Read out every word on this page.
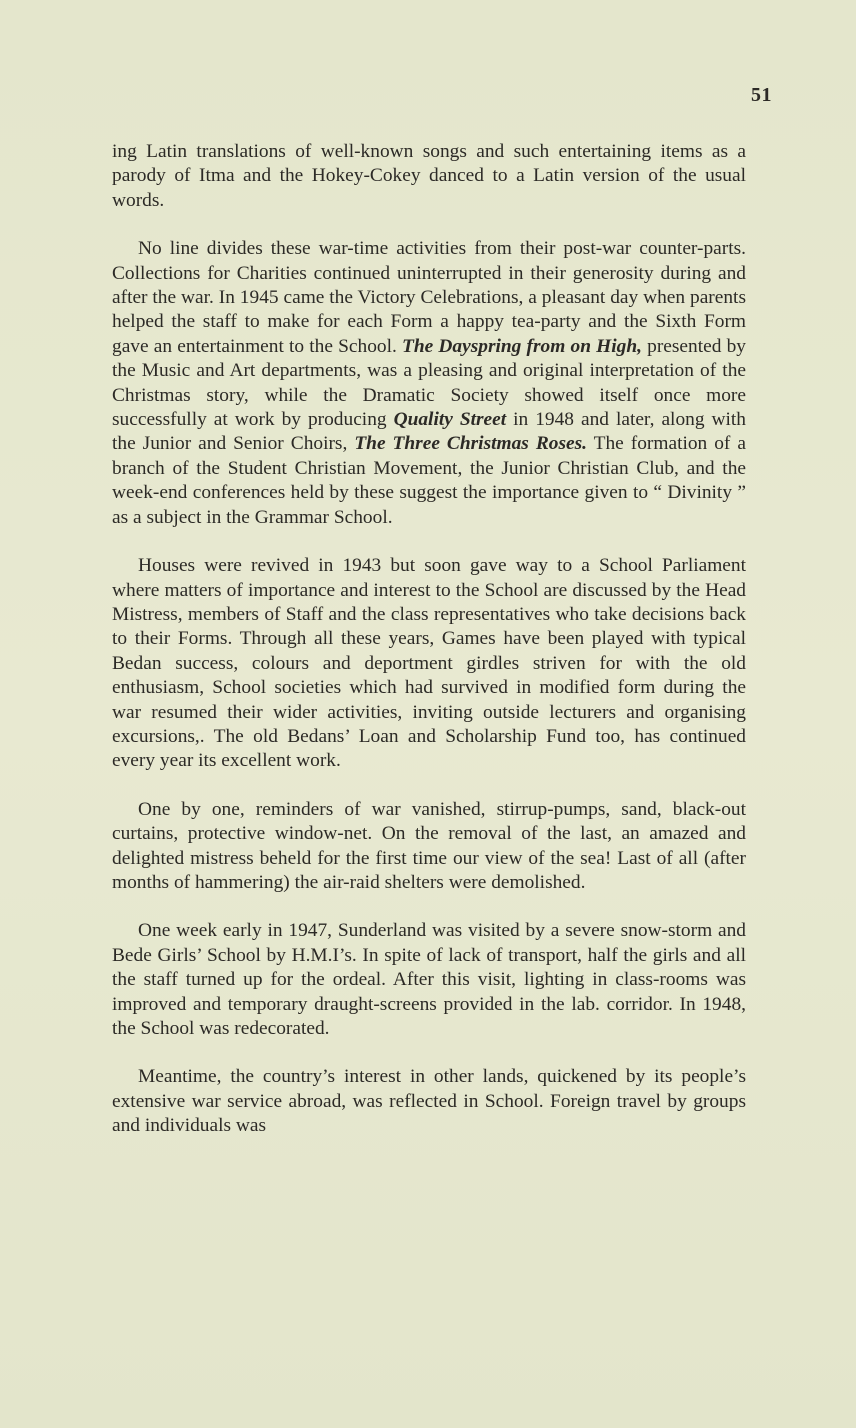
51

ing Latin translations of well-known songs and such entertaining items as a parody of Itma and the Hokey-Cokey danced to a Latin version of the usual words.

No line divides these war-time activities from their post-war counter-parts. Collections for Charities continued uninterrupted in their generosity during and after the war. In 1945 came the Victory Celebrations, a pleasant day when parents helped the staff to make for each Form a happy tea-party and the Sixth Form gave an entertainment to the School. The Dayspring from on High, presented by the Music and Art departments, was a pleasing and original interpretation of the Christmas story, while the Dramatic Society showed itself once more successfully at work by producing Quality Street in 1948 and later, along with the Junior and Senior Choirs, The Three Christmas Roses. The formation of a branch of the Student Christian Movement, the Junior Christian Club, and the week-end conferences held by these suggest the importance given to “ Divinity ” as a subject in the Grammar School.

Houses were revived in 1943 but soon gave way to a School Parliament where matters of importance and interest to the School are discussed by the Head Mistress, members of Staff and the class representatives who take decisions back to their Forms. Through all these years, Games have been played with typical Bedan success, colours and deportment girdles striven for with the old enthusiasm, School societies which had survived in modified form during the war resumed their wider activities, inviting outside lecturers and organising excursions,. The old Bedans’ Loan and Scholarship Fund too, has continued every year its excellent work.

One by one, reminders of war vanished, stirrup-pumps, sand, black-out curtains, protective window-net. On the removal of the last, an amazed and delighted mistress beheld for the first time our view of the sea! Last of all (after months of hammering) the air-raid shelters were demolished.

One week early in 1947, Sunderland was visited by a severe snow-storm and Bede Girls’ School by H.M.I’s. In spite of lack of transport, half the girls and all the staff turned up for the ordeal. After this visit, lighting in class-rooms was improved and temporary draught-screens provided in the lab. corridor. In 1948, the School was redecorated.

Meantime, the country’s interest in other lands, quickened by its people’s extensive war service abroad, was reflected in School. Foreign travel by groups and individuals was
